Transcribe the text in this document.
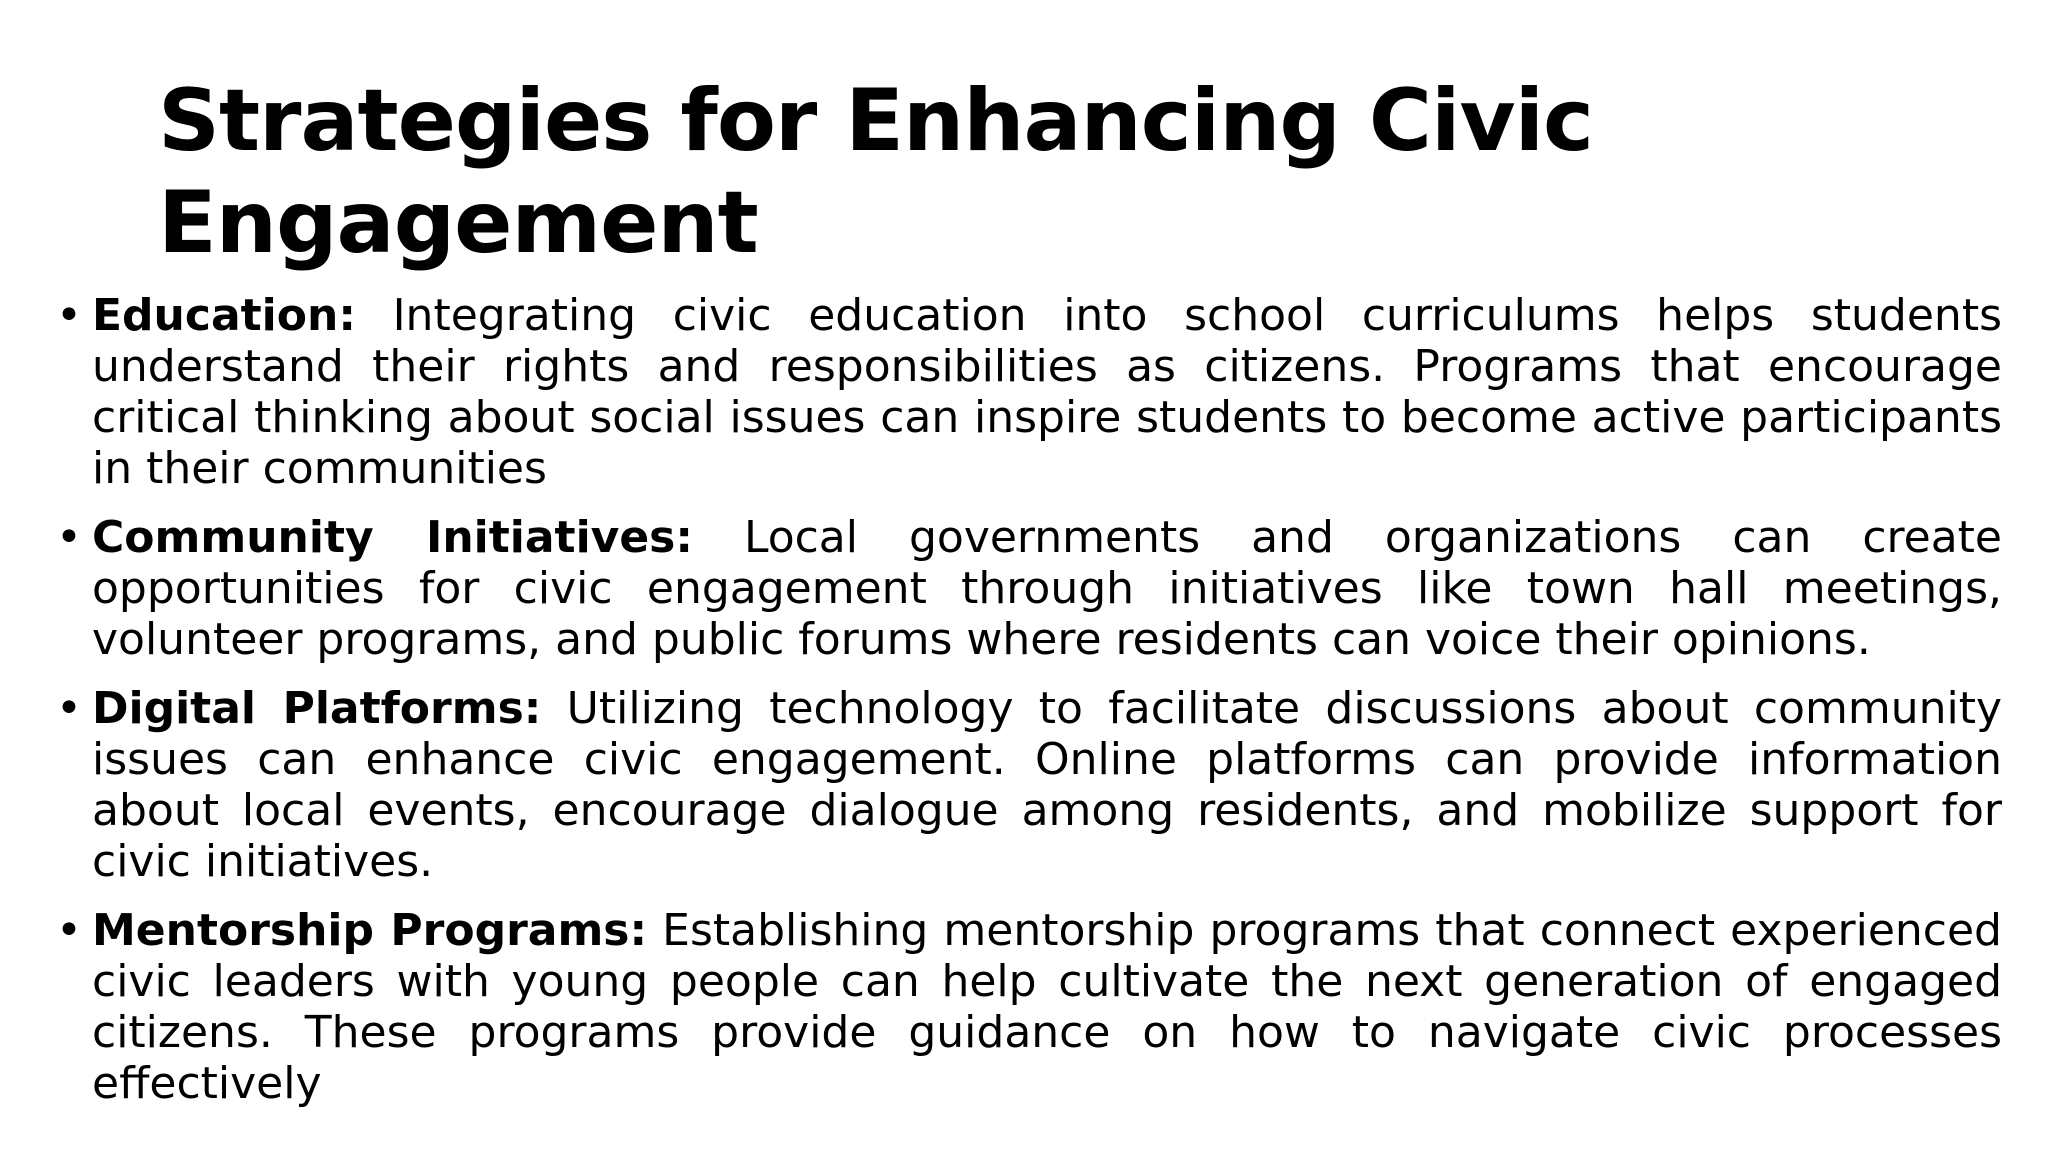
Strategies for Enhancing Civic Engagement
• Education: Integrating civic education into school curriculums helps students understand their rights and responsibilities as citizens. Programs that encourage critical thinking about social issues can inspire students to become active participants in their communities
• Community Initiatives: Local governments and organizations can create opportunities for civic engagement through initiatives like town hall meetings, volunteer programs, and public forums where residents can voice their opinions.
• Digital Platforms: Utilizing technology to facilitate discussions about community issues can enhance civic engagement. Online platforms can provide information about local events, encourage dialogue among residents, and mobilize support for civic initiatives.
• Mentorship Programs: Establishing mentorship programs that connect experienced civic leaders with young people can help cultivate the next generation of engaged citizens. These programs provide guidance on how to navigate civic processes effectively
